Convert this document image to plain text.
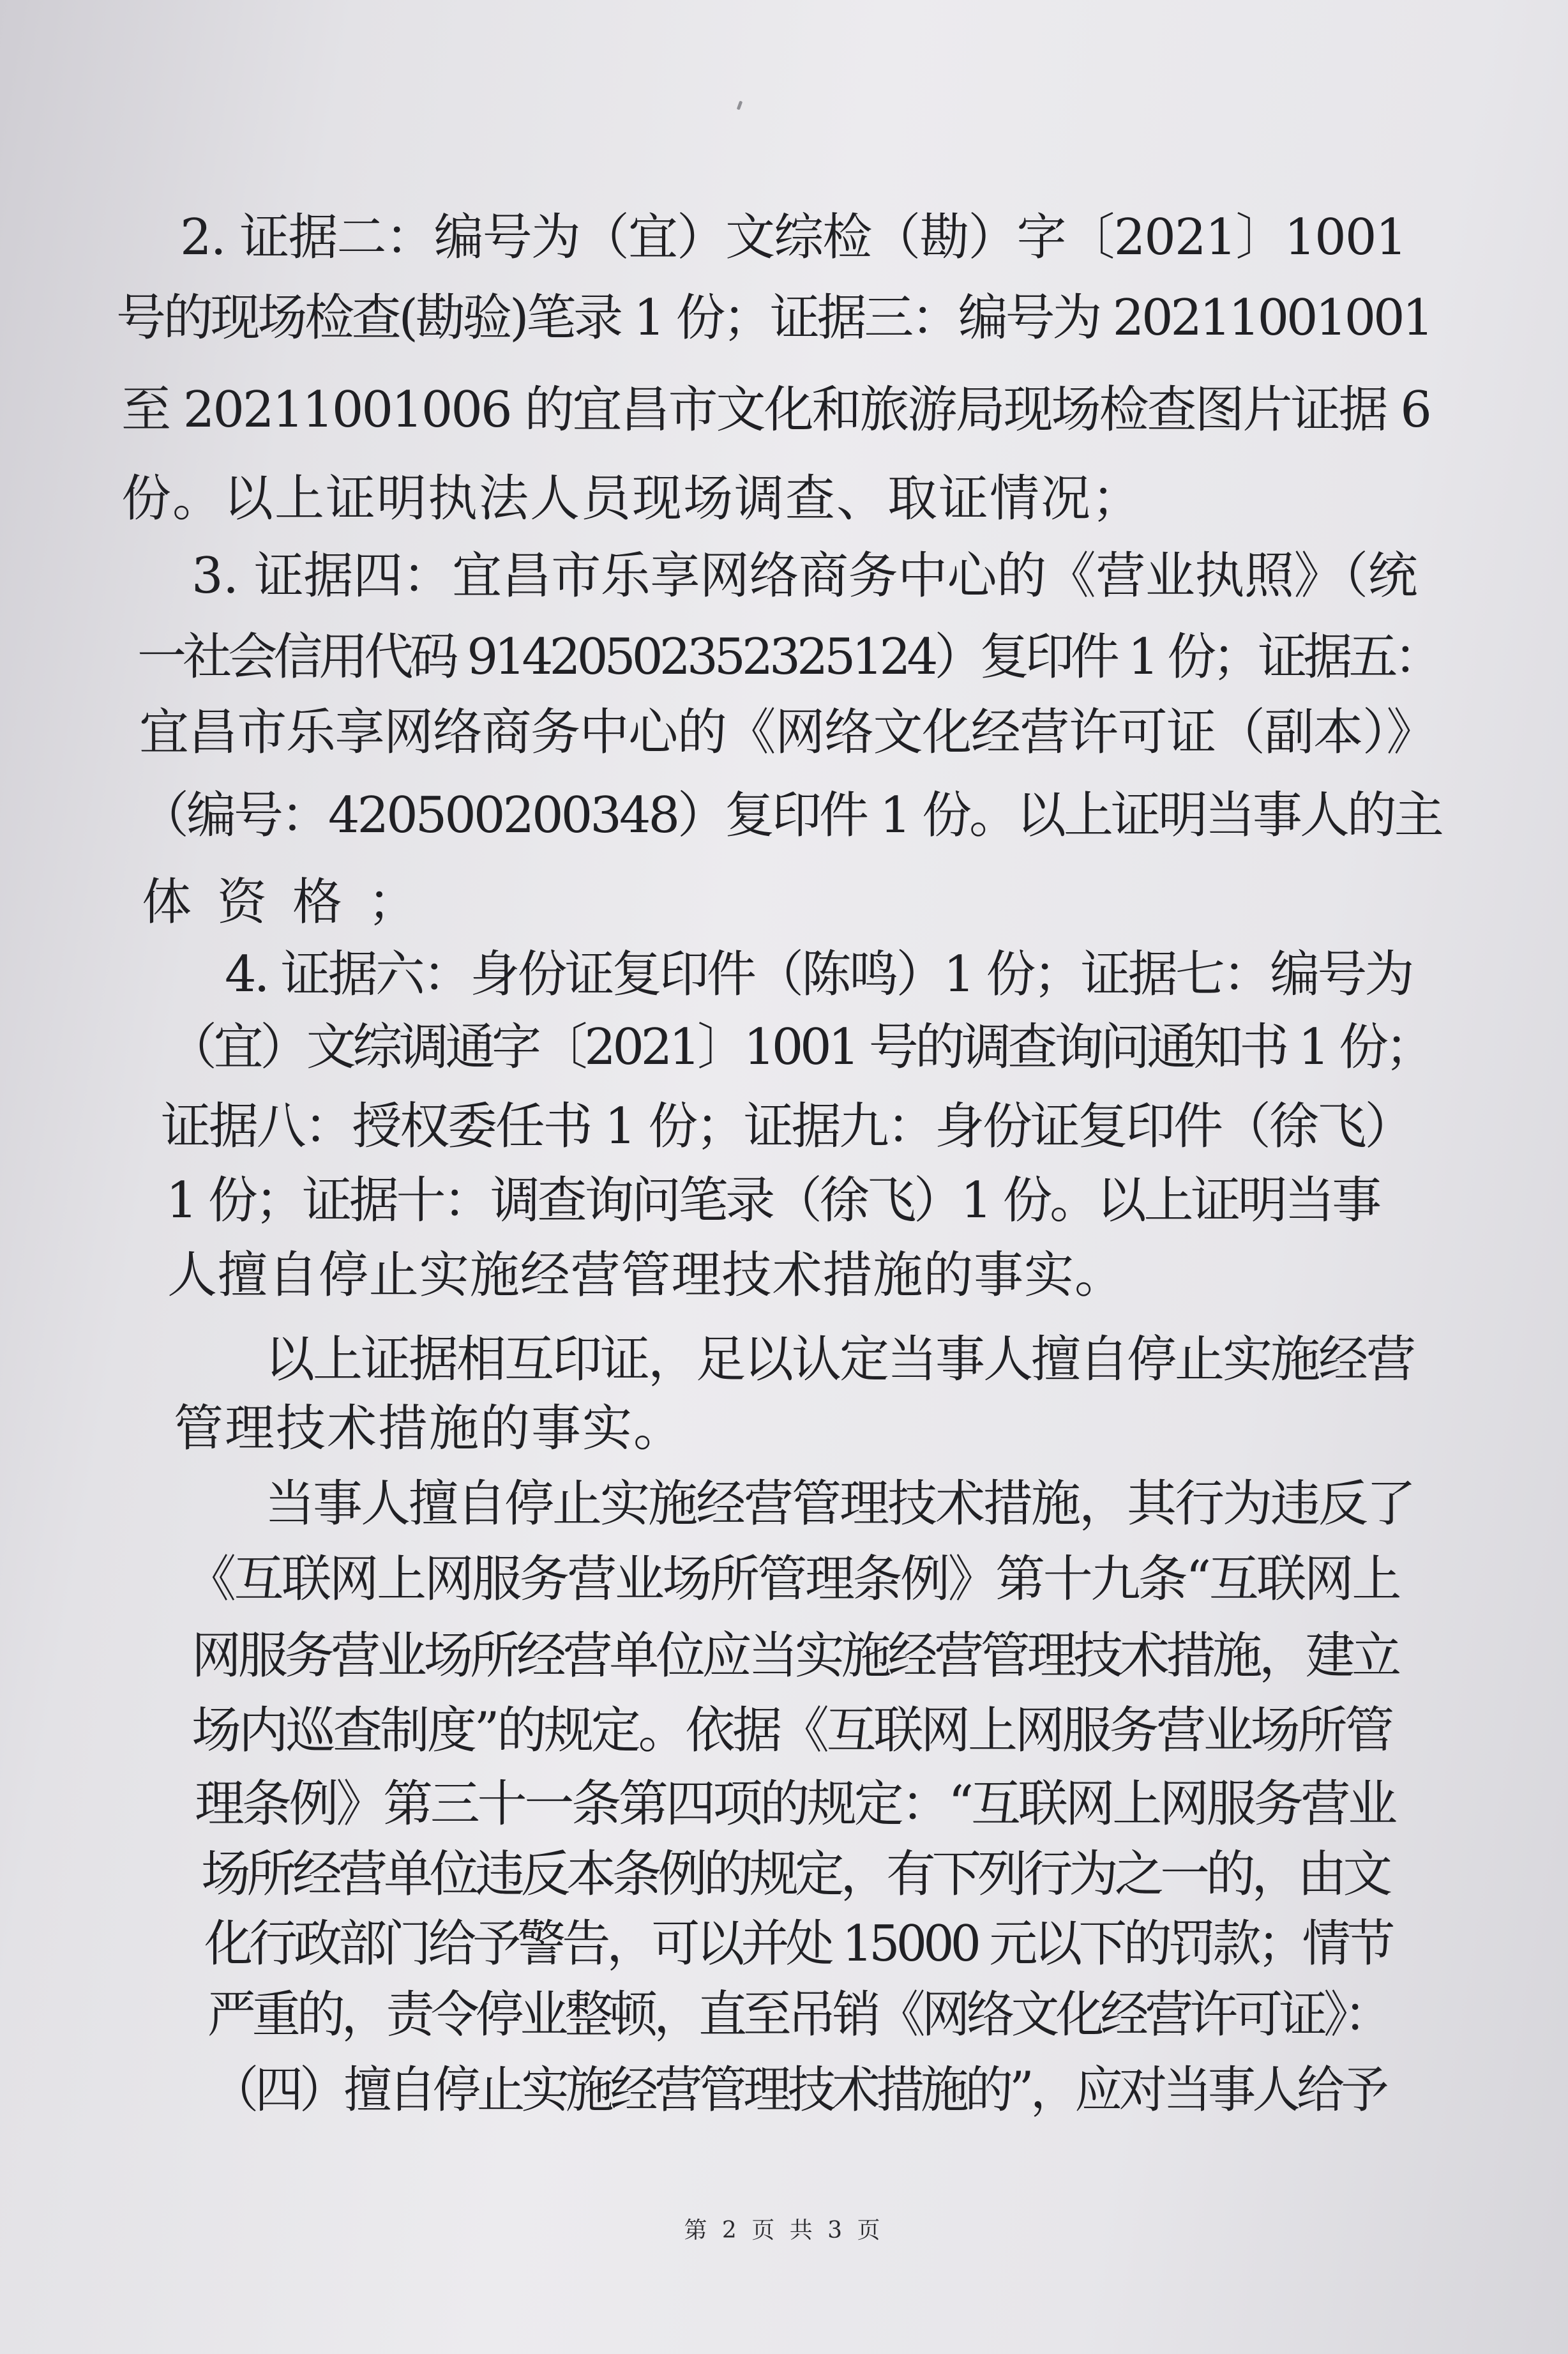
2. 证据二：编号为（宜）文综检（勘）字〔2021〕1001
号的现场检查(勘验)笔录 1 份；证据三：编号为 20211001001
至 20211001006 的宜昌市文化和旅游局现场检查图片证据 6
份。以上证明执法人员现场调查、取证情况；
3. 证据四：宜昌市乐享网络商务中心的《营业执照》（统
一社会信用代码 91420502352325124）复印件 1 份；证据五：
宜昌市乐享网络商务中心的《网络文化经营许可证（副本）》
（编号：420500200348）复印件 1 份。以上证明当事人的主
体资格；
4. 证据六：身份证复印件（陈鸣）1 份；证据七：编号为
（宜）文综调通字〔2021〕1001 号的调查询问通知书 1 份；
证据八：授权委任书 1 份；证据九：身份证复印件（徐飞）
1 份；证据十：调查询问笔录（徐飞）1 份。以上证明当事
人擅自停止实施经营管理技术措施的事实。
以上证据相互印证，足以认定当事人擅自停止实施经营
管理技术措施的事实。
当事人擅自停止实施经营管理技术措施，其行为违反了
《互联网上网服务营业场所管理条例》第十九条“互联网上
网服务营业场所经营单位应当实施经营管理技术措施，建立
场内巡查制度”的规定。依据《互联网上网服务营业场所管
理条例》第三十一条第四项的规定：“互联网上网服务营业
场所经营单位违反本条例的规定，有下列行为之一的，由文
化行政部门给予警告，可以并处 15000 元以下的罚款；情节
严重的，责令停业整顿，直至吊销《网络文化经营许可证》：
（四）擅自停止实施经营管理技术措施的”，应对当事人给予
第 2 页 共 3 页
